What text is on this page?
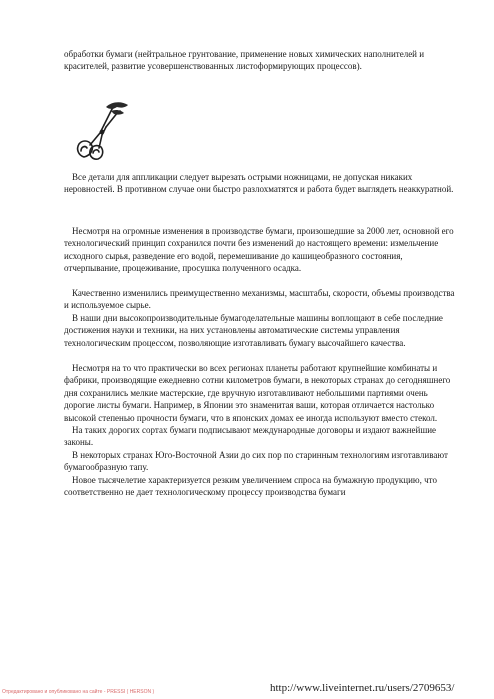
обработки бумаги (нейтральное грунтование, применение новых химических наполнителей и красителей, развитие усовершенствованных листоформирующих процессов).

Все детали для аппликации следует вырезать острыми ножницами, не допуская никаких неровностей. В противном случае они быстро разлохматятся и работа будет выглядеть неаккуратной.

Несмотря на огромные изменения в производстве бумаги, произошедшие за 2000 лет, основной его технологический принцип сохранился почти без изменений до настоящего времени: измельчение исходного сырья, разведение его водой, перемешивание до кашицеобразного состояния, отчерпывание, процеживание, просушка полученного осадка.

Качественно изменились преимущественно механизмы, масштабы, скорости, объемы производства и используемое сырье.

В наши дни высокопроизводительные бумагоделательные машины воплощают в себе последние достижения науки и техники, на них установлены автоматические системы управления технологическим процессом, позволяющие изготавливать бумагу высочайшего качества.

Несмотря на то что практически во всех регионах планеты работают крупнейшие комбинаты и фабрики, производящие ежедневно сотни километров бумаги, в некоторых странах до сегодняшнего дня сохранились мелкие мастерские, где вручную изготавливают небольшими партиями очень дорогие листы бумаги. Например, в Японии это знаменитая ваши, которая отличается настолько высокой степенью прочности бумаги, что в японских домах ее иногда используют вместо стекол.

На таких дорогих сортах бумаги подписывают международные договоры и издают важнейшие законы.

В некоторых странах Юго-Восточной Азии до сих пор по старинным технологиям изготавливают бумагообразную тапу.

Новое тысячелетие характеризуется резким увеличением спроса на бумажную продукцию, что соответственно не дает технологическому процессу производства бумаги

Отредактировано и опубликовано на сайте - PRESSI ( HERSON )	http://www.liveinternet.ru/users/2709653/
